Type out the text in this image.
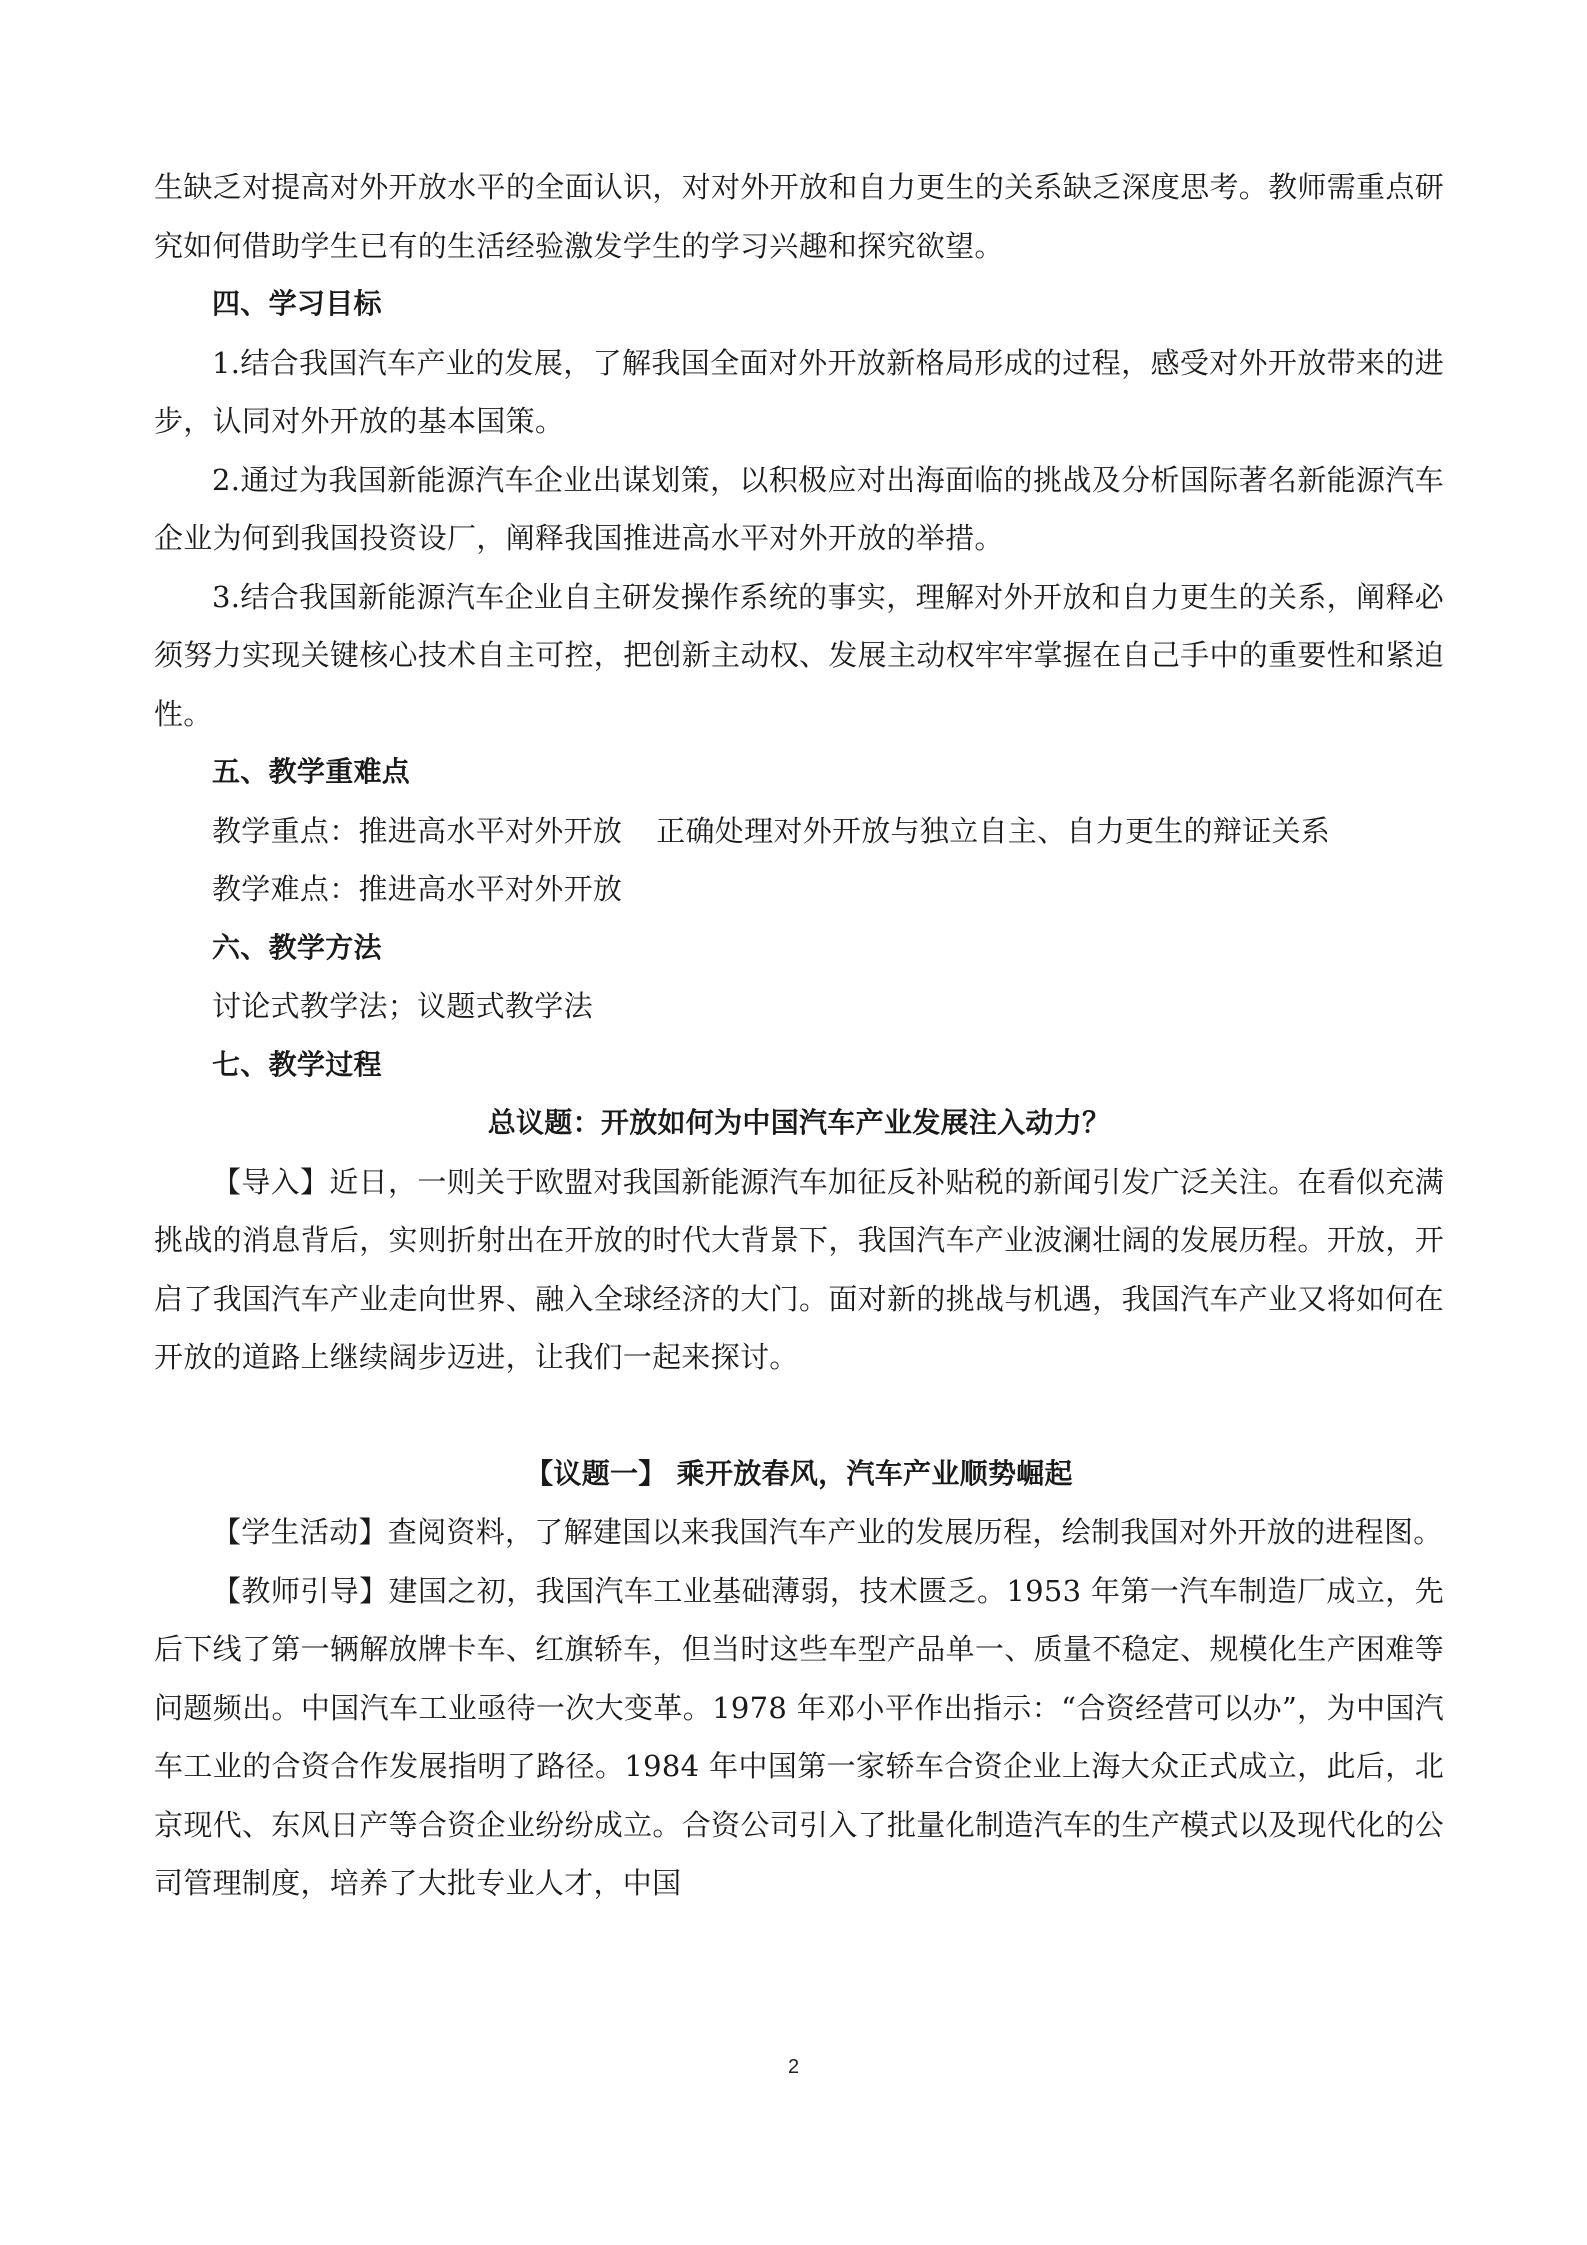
生缺乏对提高对外开放水平的全面认识，对对外开放和自力更生的关系缺乏深度思考。教师需重点研究如何借助学生已有的生活经验激发学生的学习兴趣和探究欲望。

四、学习目标

1.结合我国汽车产业的发展，了解我国全面对外开放新格局形成的过程，感受对外开放带来的进步，认同对外开放的基本国策。

2.通过为我国新能源汽车企业出谋划策，以积极应对出海面临的挑战及分析国际著名新能源汽车企业为何到我国投资设厂，阐释我国推进高水平对外开放的举措。

3.结合我国新能源汽车企业自主研发操作系统的事实，理解对外开放和自力更生的关系，阐释必须努力实现关键核心技术自主可控，把创新主动权、发展主动权牢牢掌握在自己手中的重要性和紧迫性。

五、教学重难点

教学重点：推进高水平对外开放 正确处理对外开放与独立自主、自力更生的辩证关系

教学难点：推进高水平对外开放

六、教学方法

讨论式教学法；议题式教学法

七、教学过程

总议题：开放如何为中国汽车产业发展注入动力？

【导入】近日，一则关于欧盟对我国新能源汽车加征反补贴税的新闻引发广泛关注。在看似充满挑战的消息背后，实则折射出在开放的时代大背景下，我国汽车产业波澜壮阔的发展历程。开放，开启了我国汽车产业走向世界、融入全球经济的大门。面对新的挑战与机遇，我国汽车产业又将如何在开放的道路上继续阔步迈进，让我们一起来探讨。

【议题一】 乘开放春风，汽车产业顺势崛起

【学生活动】查阅资料，了解建国以来我国汽车产业的发展历程，绘制我国对外开放的进程图。

【教师引导】建国之初，我国汽车工业基础薄弱，技术匮乏。1953 年第一汽车制造厂成立，先后下线了第一辆解放牌卡车、红旗轿车，但当时这些车型产品单一、质量不稳定、规模化生产困难等问题频出。中国汽车工业亟待一次大变革。1978 年邓小平作出指示：“合资经营可以办”，为中国汽车工业的合资合作发展指明了路径。1984 年中国第一家轿车合资企业上海大众正式成立，此后，北京现代、东风日产等合资企业纷纷成立。合资公司引入了批量化制造汽车的生产模式以及现代化的公司管理制度，培养了大批专业人才，中国

2
